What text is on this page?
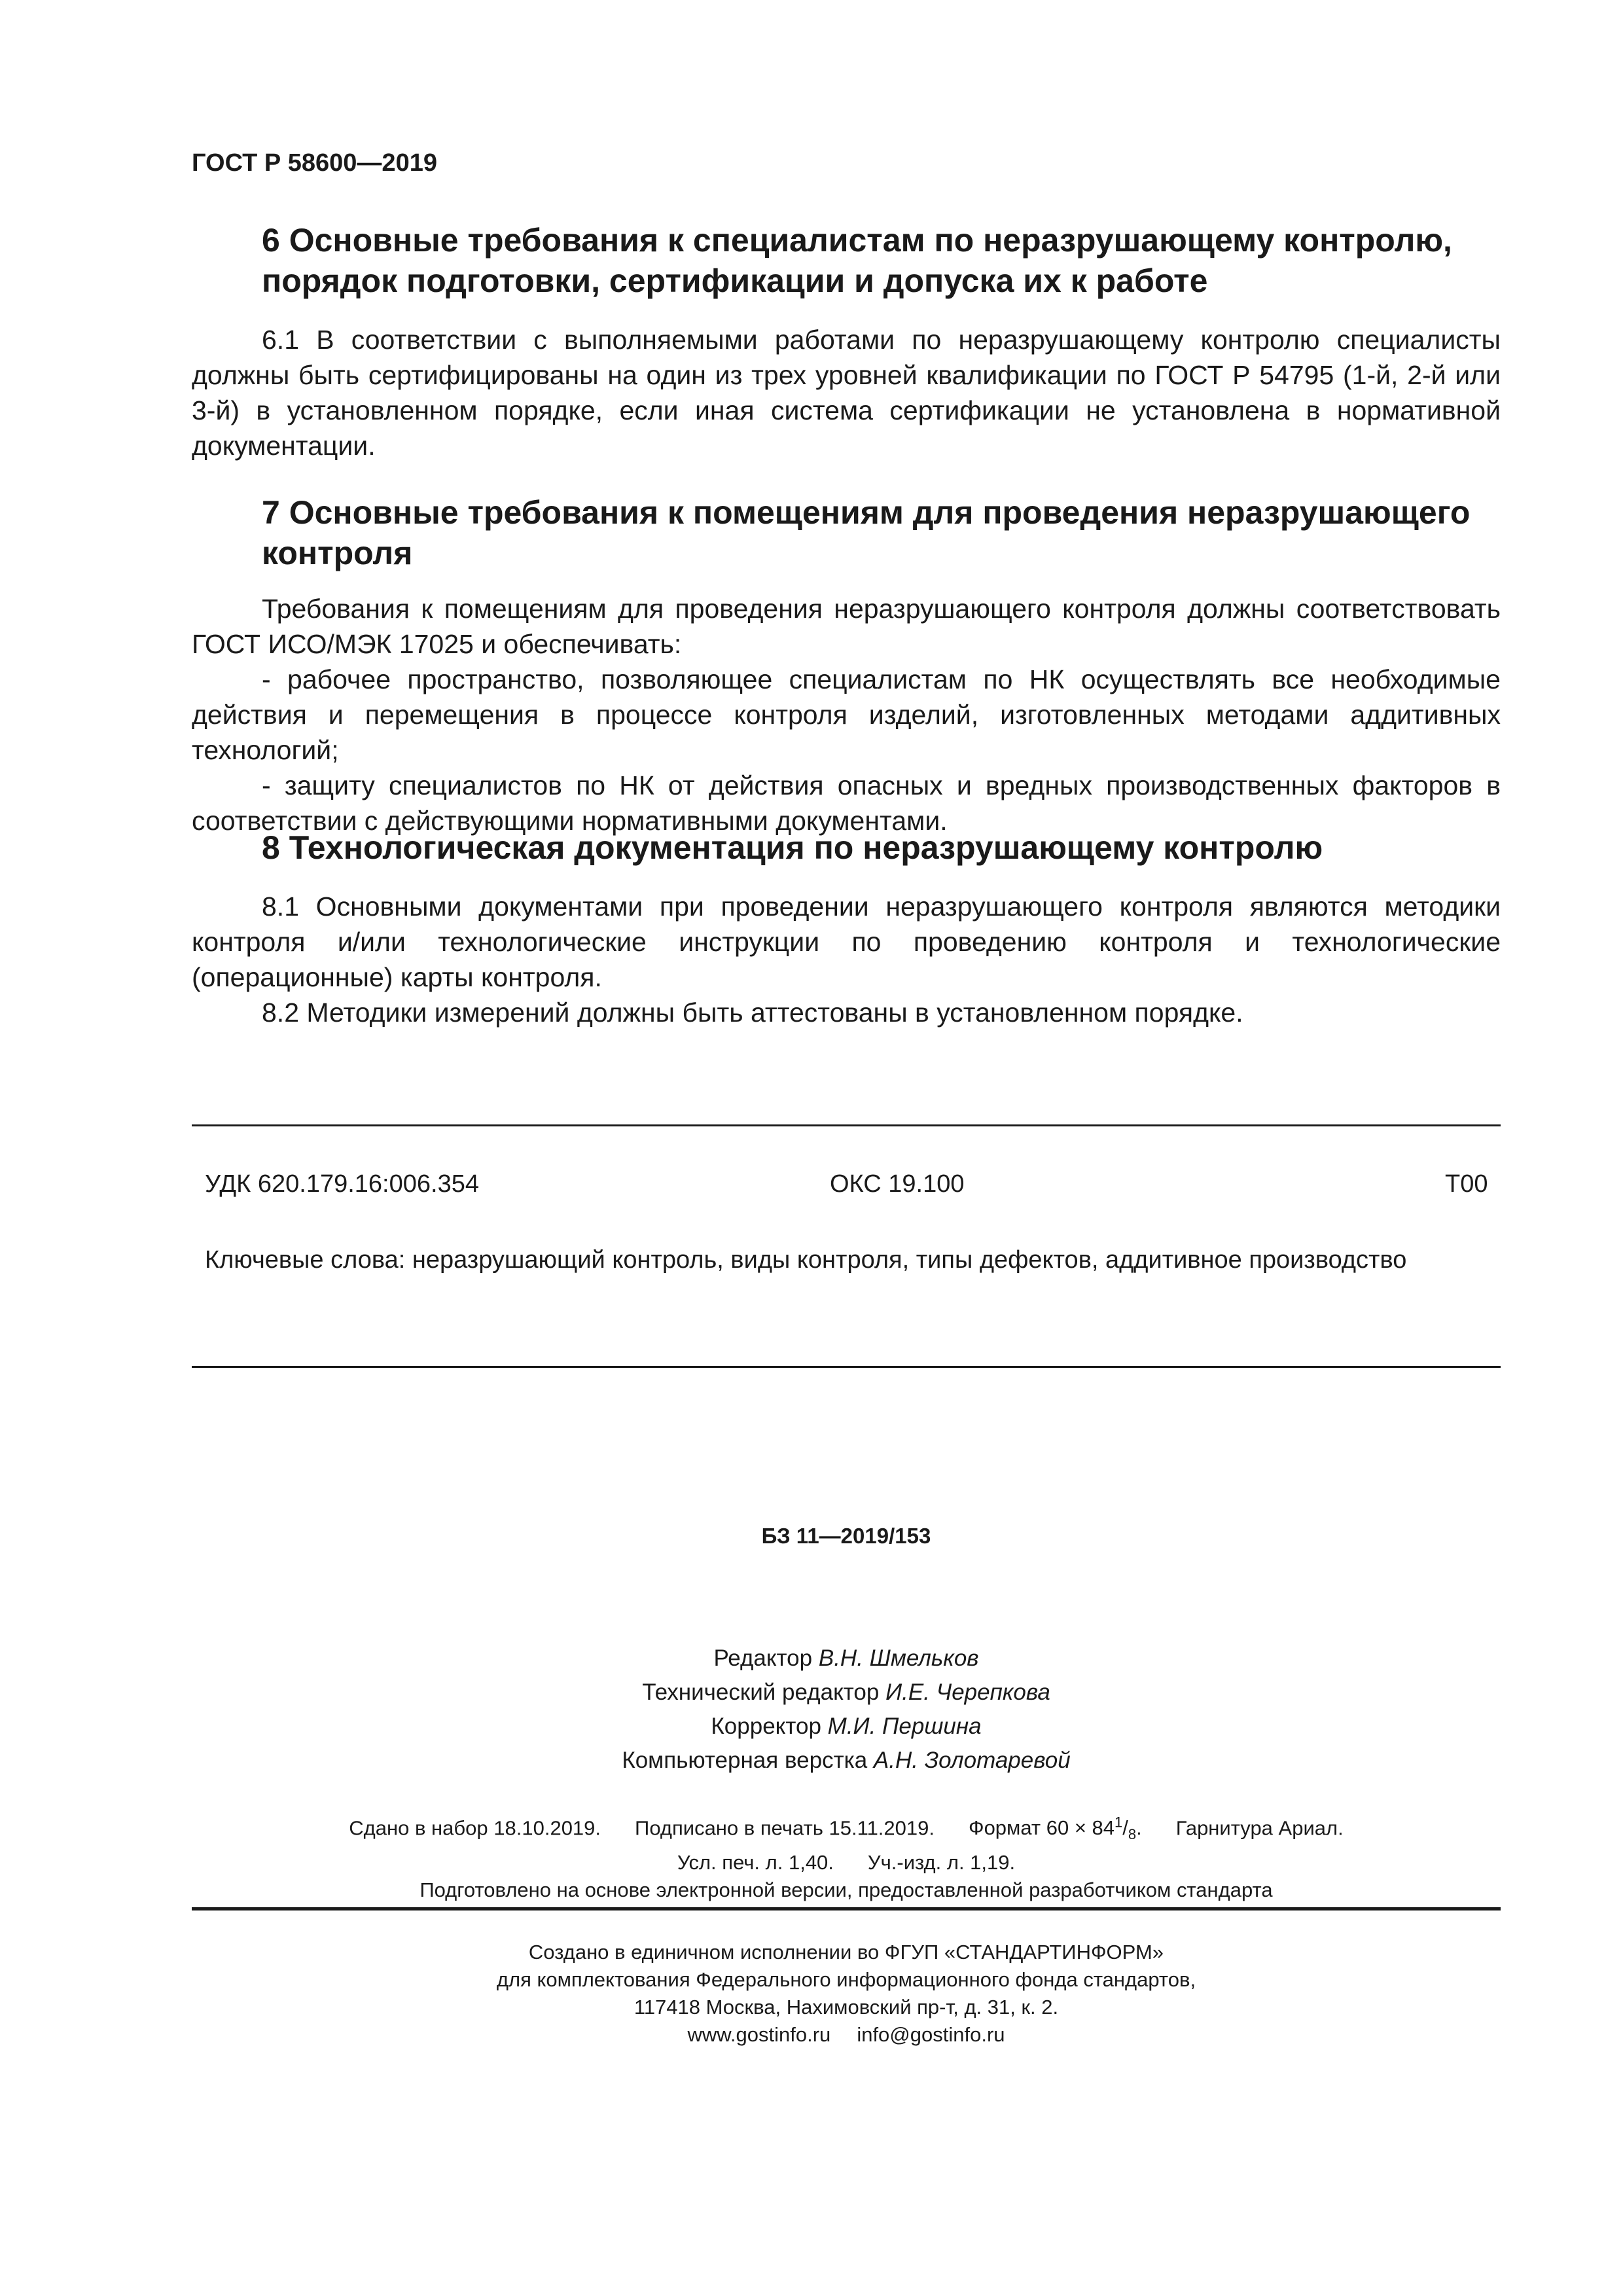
ГОСТ Р 58600—2019
6 Основные требования к специалистам по неразрушающему контролю,
порядок подготовки, сертификации и допуска их к работе

6.1 В соответствии с выполняемыми работами по неразрушающему контролю специалисты должны быть сертифицированы на один из трех уровней квалификации по ГОСТ Р 54795 (1-й, 2-й или 3-й) в установленном порядке, если иная система сертификации не установлена в нормативной документации.

7 Основные требования к помещениям для проведения неразрушающего
контроля

Требования к помещениям для проведения неразрушающего контроля должны соответствовать ГОСТ ИСО/МЭК 17025 и обеспечивать:

- рабочее пространство, позволяющее специалистам по НК осуществлять все необходимые действия и перемещения в процессе контроля изделий, изготовленных методами аддитивных технологий;

- защиту специалистов по НК от действия опасных и вредных производственных факторов в соответствии с действующими нормативными документами.

8 Технологическая документация по неразрушающему контролю

8.1 Основными документами при проведении неразрушающего контроля являются методики контроля и/или технологические инструкции по проведению контроля и технологические (операционные) карты контроля.

8.2 Методики измерений должны быть аттестованы в установленном порядке.

УДК 620.179.16:006.354	ОКС 19.100	Т00
Ключевые слова: неразрушающий контроль, виды контроля, типы дефектов, аддитивное производство
БЗ 11—2019/153
Редактор В.Н. Шмельков
Технический редактор И.Е. Черепкова
Корректор М.И. Першина
Компьютерная верстка А.Н. Золотаревой
Сдано в набор 18.10.2019. Подписано в печать 15.11.2019. Формат $60 \times 84^1/_8$. Гарнитура Ариал.
Усл. печ. л. 1,40. Уч.-изд. л. 1,19.
Подготовлено на основе электронной версии, предоставленной разработчиком стандарта
Создано в единичном исполнении во ФГУП «СТАНДАРТИНФОРМ»
для комплектования Федерального информационного фонда стандартов,
117418 Москва, Нахимовский пр-т, д. 31, к. 2.
www.gostinfo.ru info@gostinfo.ru
